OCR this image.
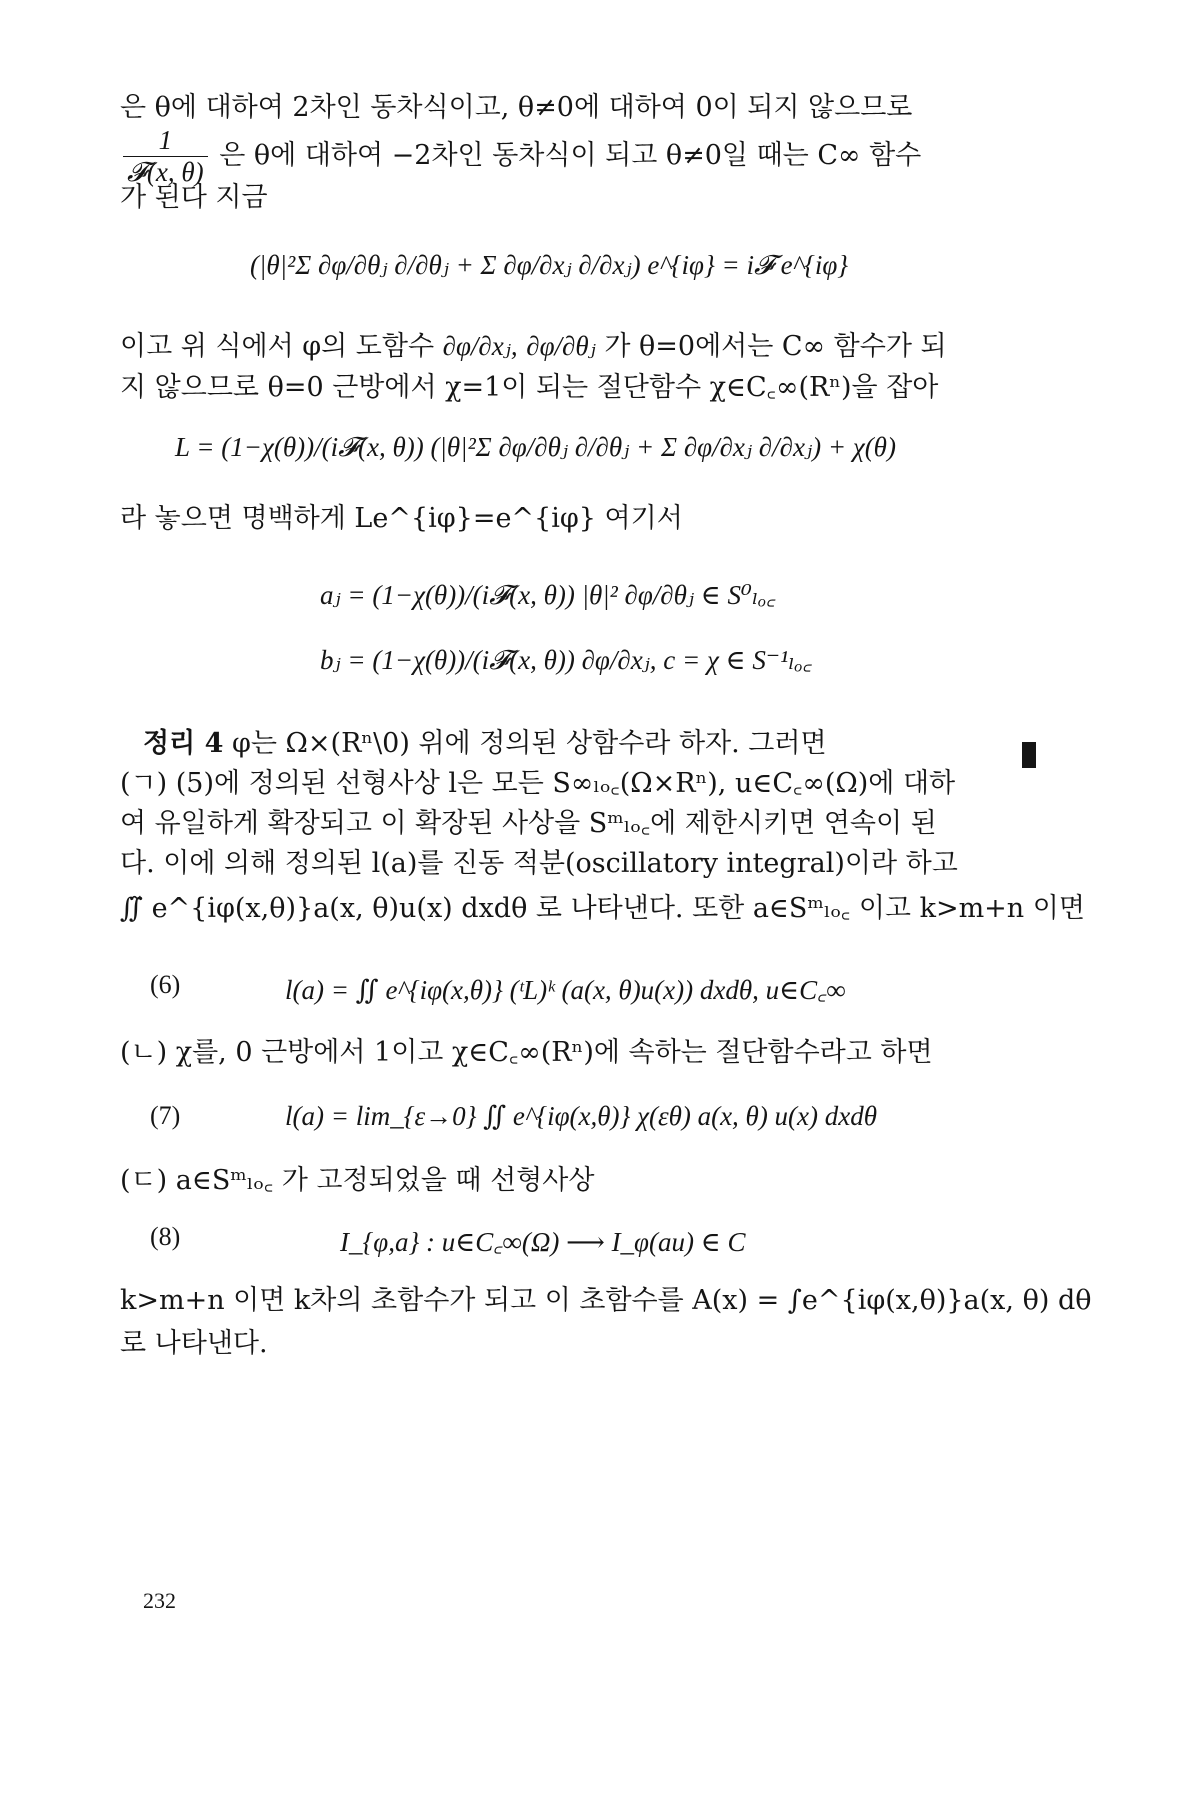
은 θ에 대하여 2차인 동차식이고, θ≠0에 대하여 0이 되지 않으므로
$\frac{1}{\text{𝓕(x, θ)}}$ 은 θ에 대하여 −2차인 동차식이 되고 θ≠0일 때는 C∞ 함수
가 된다 지금
(|θ|²Σ ∂φ/∂θⱼ ∂/∂θⱼ + Σ ∂φ/∂xⱼ ∂/∂xⱼ) e^{iφ} = i𝓕 e^{iφ}
이고 위 식에서 φ의 도함수 ∂φ/∂xⱼ, ∂φ/∂θⱼ 가 θ=0에서는 C∞ 함수가 되
지 않으므로 θ=0 근방에서 χ=1이 되는 절단함수 χ∈C꜀∞(Rⁿ)을 잡아
L = (1−χ(θ))/(i𝓕(x, θ)) (|θ|²Σ ∂φ/∂θⱼ ∂/∂θⱼ + Σ ∂φ/∂xⱼ ∂/∂xⱼ) + χ(θ)
라 놓으면 명백하게 Le^{iφ}=e^{iφ} 여기서
aⱼ = (1−χ(θ))/(i𝓕(x, θ)) |θ|² ∂φ/∂θⱼ ∈ S⁰ₗₒ꜀
bⱼ = (1−χ(θ))/(i𝓕(x, θ)) ∂φ/∂xⱼ, c = χ ∈ S⁻¹ₗₒ꜀
정리 4 φ는 Ω×(Rⁿ\0) 위에 정의된 상함수라 하자. 그러면
(ㄱ) (5)에 정의된 선형사상 l은 모든 S∞ₗₒ꜀(Ω×Rⁿ), u∈C꜀∞(Ω)에 대하
여 유일하게 확장되고 이 확장된 사상을 Sᵐₗₒ꜀에 제한시키면 연속이 된
다. 이에 의해 정의된 l(a)를 진동 적분(oscillatory integral)이라 하고
∬̃ e^{iφ(x,θ)}a(x, θ)u(x) dxdθ 로 나타낸다. 또한 a∈Sᵐₗₒ꜀ 이고 k>m+n 이면
(6)	l(a) = ∬ e^{iφ(x,θ)} (ᵗL)ᵏ (a(x, θ)u(x)) dxdθ, u∈C꜀∞
(ㄴ) χ를, 0 근방에서 1이고 χ∈C꜀∞(Rⁿ)에 속하는 절단함수라고 하면
(7)	l(a) = lim_{ε→0} ∬ e^{iφ(x,θ)} χ(εθ) a(x, θ) u(x) dxdθ
(ㄷ) a∈Sᵐₗₒ꜀ 가 고정되었을 때 선형사상
(8)	I_{φ,a} : u∈C꜀∞(Ω) ⟶ I_φ(au) ∈ C
k>m+n 이면 k차의 초함수가 되고 이 초함수를 A(x) = ∫e^{iφ(x,θ)}a(x, θ) dθ
로 나타낸다.
232
